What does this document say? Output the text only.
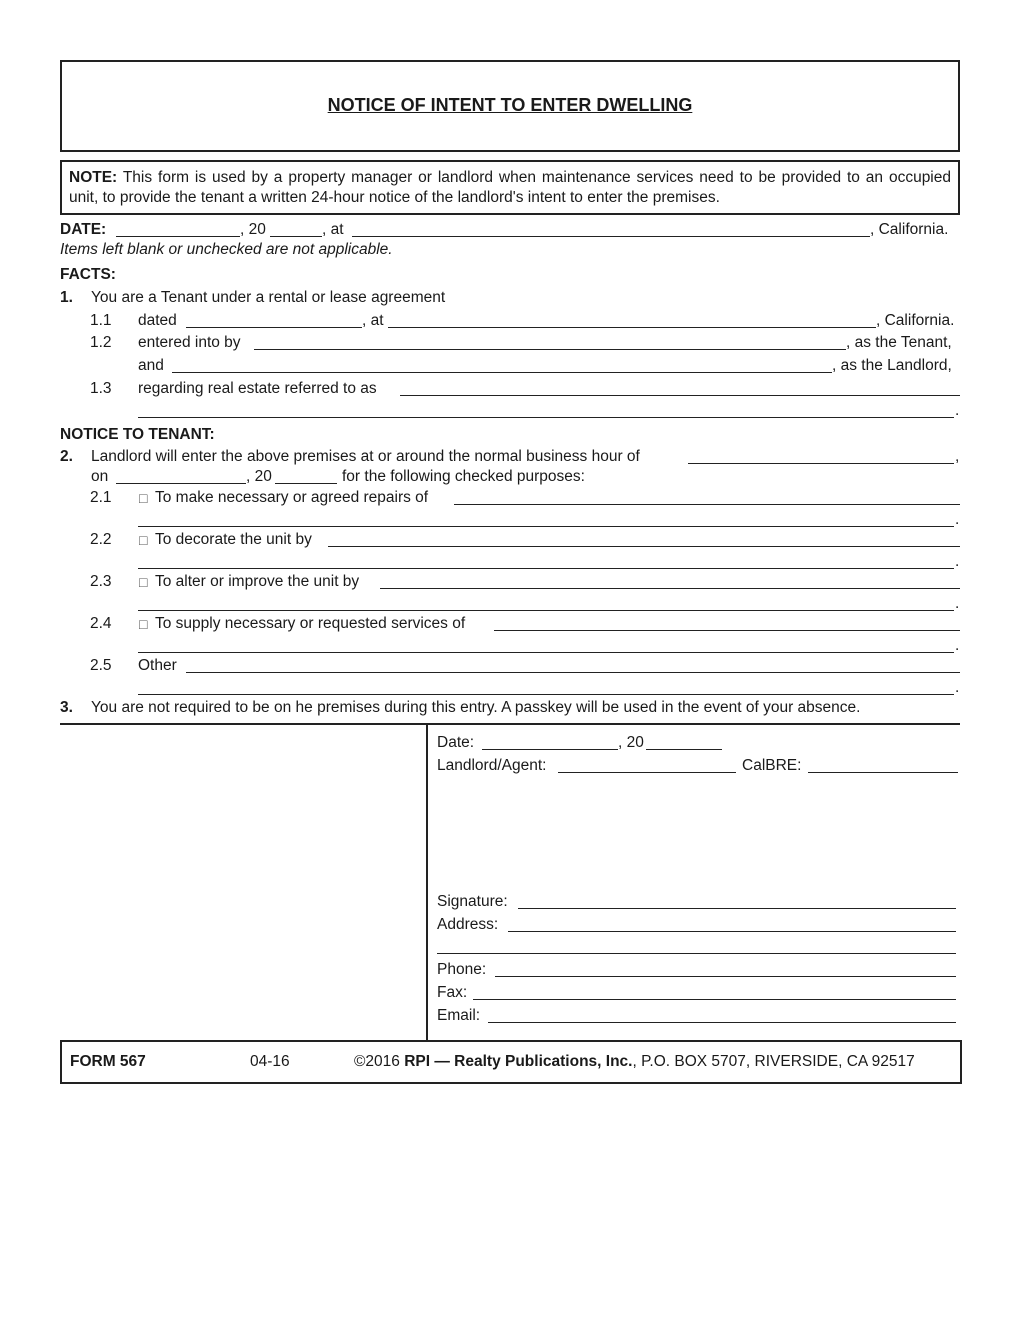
NOTICE OF INTENT TO ENTER DWELLING
NOTE: This form is used by a property manager or landlord when maintenance services need to be provided to an occupied unit, to provide the tenant a written 24-hour notice of the landlord's intent to enter the premises.
DATE:	, 20	, at	, California.
Items left blank or unchecked are not applicable.
FACTS:
1. You are a Tenant under a rental or lease agreement
1.1 dated	, at	, California.
1.2 entered into by	, as the Tenant,
and	, as the Landlord,
1.3 regarding real estate referred to as
.
NOTICE TO TENANT:
2. Landlord will enter the above premises at or around the normal business hour of	,
on	, 20	for the following checked purposes:
2.1 □ To make necessary or agreed repairs of
.
2.2 □ To decorate the unit by
.
2.3 □ To alter or improve the unit by
.
2.4 □ To supply necessary or requested services of
.
2.5 Other
.
3. You are not required to be on he premises during this entry. A passkey will be used in the event of your absence.
Date:	, 20
Landlord/Agent:	CalBRE:
Signature:
Address:
Phone:
Fax:
Email:
FORM 567	04-16	©2016 RPI — Realty Publications, Inc., P.O. BOX 5707, RIVERSIDE, CA 92517
